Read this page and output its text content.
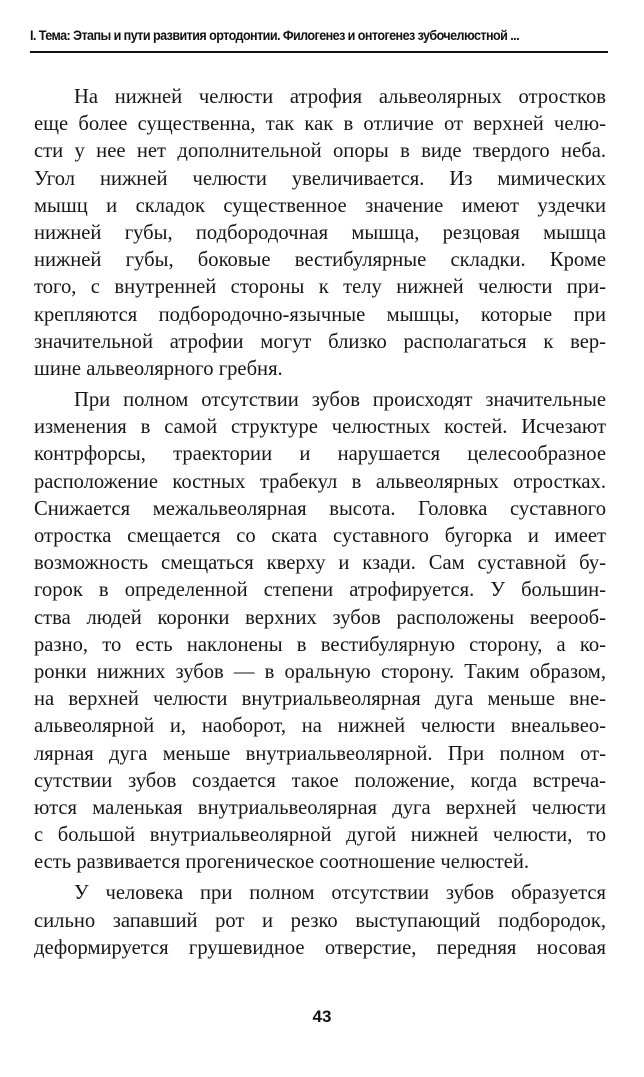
I. Тема: Этапы и пути развития ортодонтии. Филогенез и онтогенез зубочелюстной ...
На нижней челюсти атрофия альвеолярных отростков
еще более существенна, так как в отличие от верхней челю-
сти у нее нет дополнительной опоры в виде твердого неба.
Угол нижней челюсти увеличивается. Из мимических
мышц и складок существенное значение имеют уздечки
нижней губы, подбородочная мышца, резцовая мышца
нижней губы, боковые вестибулярные складки. Кроме
того, с внутренней стороны к телу нижней челюсти при-
крепляются подбородочно-язычные мышцы, которые при
значительной атрофии могут близко располагаться к вер-
шине альвеолярного гребня.
При полном отсутствии зубов происходят значительные
изменения в самой структуре челюстных костей. Исчезают
контрфорсы, траектории и нарушается целесообразное
расположение костных трабекул в альвеолярных отростках.
Снижается межальвеолярная высота. Головка суставного
отростка смещается со ската суставного бугорка и имеет
возможность смещаться кверху и кзади. Сам суставной бу-
горок в определенной степени атрофируется. У большин-
ства людей коронки верхних зубов расположены веерооб-
разно, то есть наклонены в вестибулярную сторону, а ко-
ронки нижних зубов — в оральную сторону. Таким образом,
на верхней челюсти внутриальвеолярная дуга меньше вне-
альвеолярной и, наоборот, на нижней челюсти внеальвео-
лярная дуга меньше внутриальвеолярной. При полном от-
сутствии зубов создается такое положение, когда встреча-
ются маленькая внутриальвеолярная дуга верхней челюсти
с большой внутриальвеолярной дугой нижней челюсти, то
есть развивается прогеническое соотношение челюстей.
У человека при полном отсутствии зубов образуется
сильно запавший рот и резко выступающий подбородок,
деформируется грушевидное отверстие, передняя носовая
43
